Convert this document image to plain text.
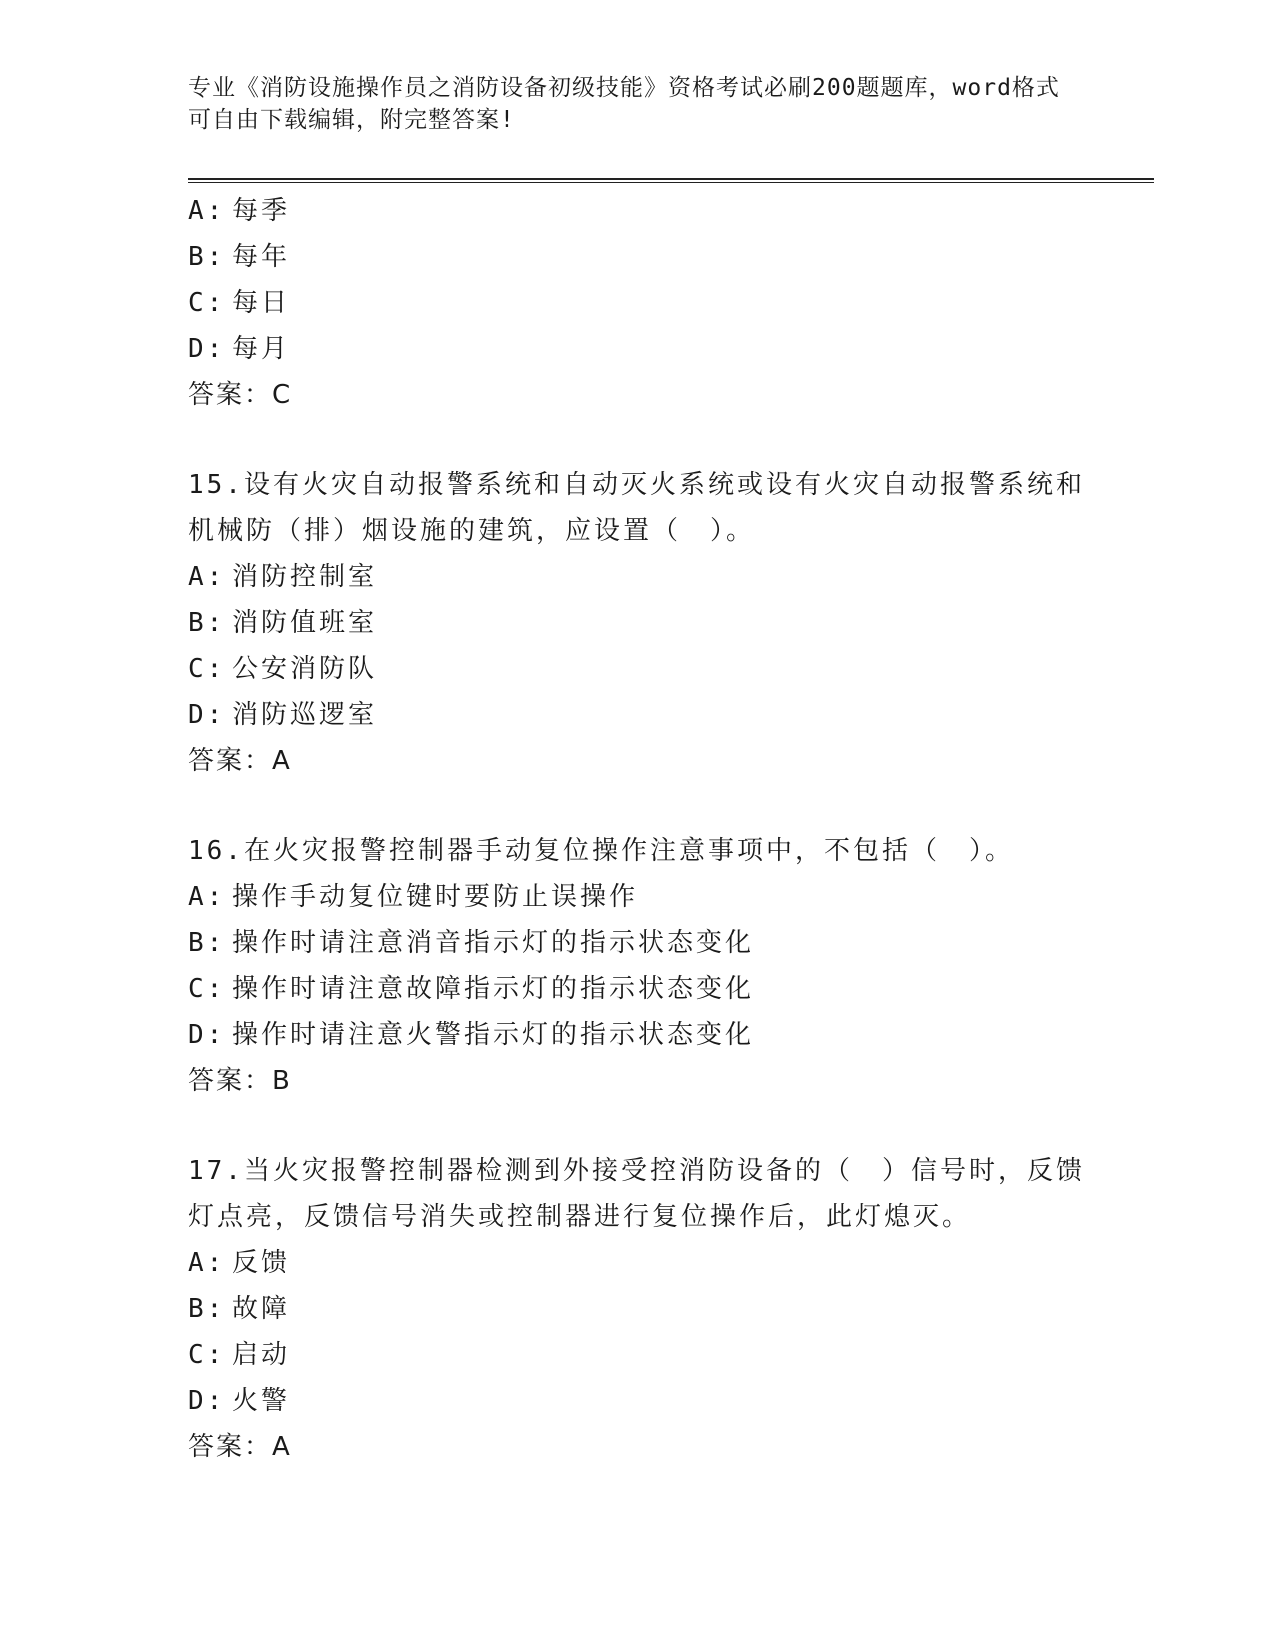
专业《消防设施操作员之消防设备初级技能》资格考试必刷200题题库，word格式可自由下载编辑，附完整答案!
A: 每季
B: 每年
C: 每日
D: 每月
答案：C
15.设有火灾自动报警系统和自动灭火系统或设有火灾自动报警系统和机械防（排）烟设施的建筑，应设置（　）。
A: 消防控制室
B: 消防值班室
C: 公安消防队
D: 消防巡逻室
答案：A
16.在火灾报警控制器手动复位操作注意事项中，不包括（　）。
A: 操作手动复位键时要防止误操作
B: 操作时请注意消音指示灯的指示状态变化
C: 操作时请注意故障指示灯的指示状态变化
D: 操作时请注意火警指示灯的指示状态变化
答案：B
17.当火灾报警控制器检测到外接受控消防设备的（　）信号时，反馈灯点亮，反馈信号消失或控制器进行复位操作后，此灯熄灭。
A: 反馈
B: 故障
C: 启动
D: 火警
答案：A
